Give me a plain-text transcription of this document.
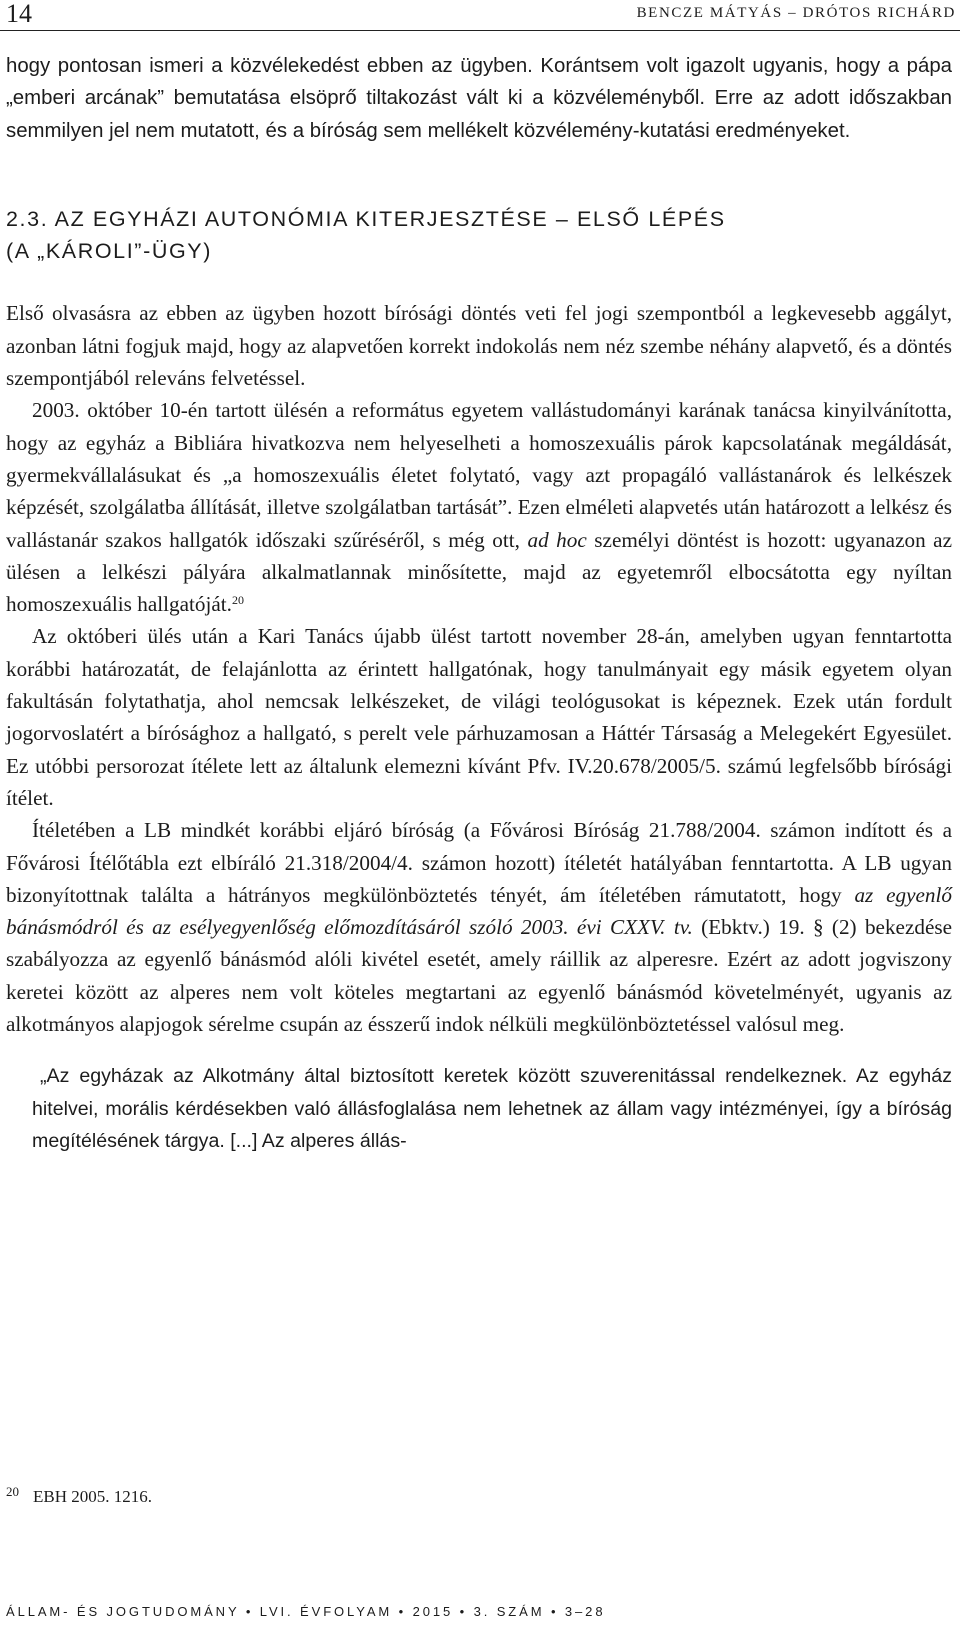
14	BENCZE MÁTYÁS – DRÓTOS RICHÁRD

hogy pontosan ismeri a közvélekedést ebben az ügyben. Korántsem volt igazolt ugyanis, hogy a pápa „emberi arcának” bemutatása elsöprő tiltakozást vált ki a közvéleményből. Erre az adott időszakban semmilyen jel nem mutatott, és a bíróság sem mellékelt közvélemény-kutatási eredményeket.

2.3. AZ EGYHÁZI AUTONÓMIA KITERJESZTÉSE – ELSŐ LÉPÉS
(A „KÁROLI”-ÜGY)

Első olvasásra az ebben az ügyben hozott bírósági döntés veti fel jogi szempontból a legkevesebb aggályt, azonban látni fogjuk majd, hogy az alapvetően korrekt indokolás nem néz szembe néhány alapvető, és a döntés szempontjából releváns felvetéssel.

2003. október 10-én tartott ülésén a református egyetem vallástudományi karának tanácsa kinyilvánította, hogy az egyház a Bibliára hivatkozva nem helyeselheti a homoszexuális párok kapcsolatának megáldását, gyermekvállalásukat és „a homoszexuális életet folytató, vagy azt propagáló vallástanárok és lelkészek képzését, szolgálatba állítását, illetve szolgálatban tartását”. Ezen elméleti alapvetés után határozott a lelkész és vallástanár szakos hallgatók időszaki szűréséről, s még ott, ad hoc személyi döntést is hozott: ugyanazon az ülésen a lelkészi pályára alkalmatlannak minősítette, majd az egyetemről elbocsátotta egy nyíltan homoszexuális hallgatóját.$^{20}$

Az októberi ülés után a Kari Tanács újabb ülést tartott november 28-án, amelyben ugyan fenntartotta korábbi határozatát, de felajánlotta az érintett hallgatónak, hogy tanulmányait egy másik egyetem olyan fakultásán folytathatja, ahol nemcsak lelkészeket, de világi teológusokat is képeznek. Ezek után fordult jogorvoslatért a bírósághoz a hallgató, s perelt vele párhuzamosan a Háttér Társaság a Melegekért Egyesület. Ez utóbbi persorozat ítélete lett az általunk elemezni kívánt Pfv. IV.20.678/2005/5. számú legfelsőbb bírósági ítélet.

Ítéletében a LB mindkét korábbi eljáró bíróság (a Fővárosi Bíróság 21.788/2004. számon indított és a Fővárosi Ítélőtábla ezt elbíráló 21.318/2004/4. számon hozott) ítéletét hatályában fenntartotta. A LB ugyan bizonyítottnak találta a hátrányos megkülönböztetés tényét, ám ítéletében rámutatott, hogy az egyenlő bánásmódról és az esélyegyenlőség előmozdításáról szóló 2003. évi CXXV. tv. (Ebktv.) 19. § (2) bekezdése szabályozza az egyenlő bánásmód alóli kivétel esetét, amely ráillik az alperesre. Ezért az adott jogviszony keretei között az alperes nem volt köteles megtartani az egyenlő bánásmód követelményét, ugyanis az alkotmányos alapjogok sérelme csupán az ésszerű indok nélküli megkülönböztetéssel valósul meg.

„Az egyházak az Alkotmány által biztosított keretek között szuverenitással rendelkeznek. Az egyház hitelvei, morális kérdésekben való állásfoglalása nem lehetnek az állam vagy intézményei, így a bíróság megítélésének tárgya. [...] Az alperes állás-

$^{20}$ EBH 2005. 1216.
ÁLLAM- ÉS JOGTUDOMÁNY • LVI. ÉVFOLYAM • 2015 • 3. SZÁM • 3–28
